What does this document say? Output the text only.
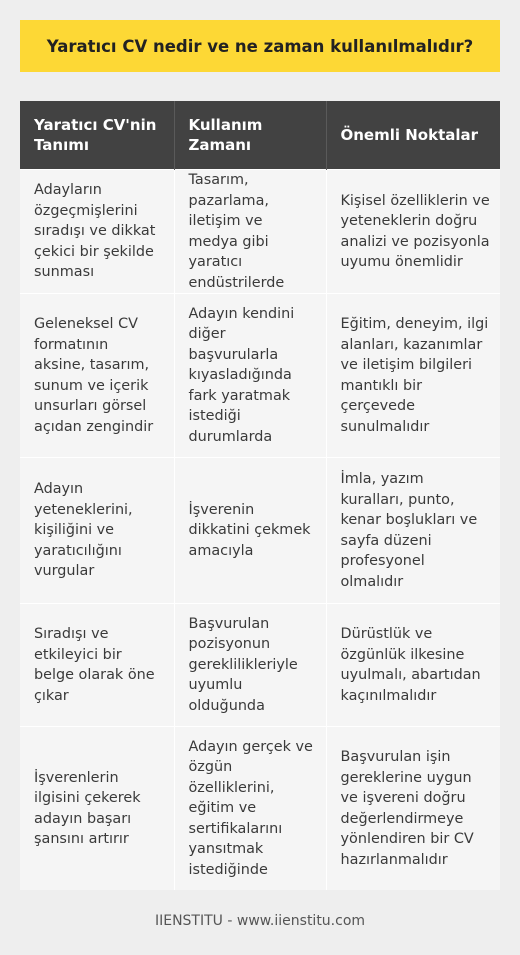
Yaratıcı CV nedir ve ne zaman kullanılmalıdır?
Yaratıcı CV'nin Tanımı	Kullanım Zamanı	Önemli Noktalar
Adayların özgeçmişlerini sıradışı ve dikkat çekici bir şekilde sunması	Tasarım, pazarlama, iletişim ve medya gibi yaratıcı endüstrilerde	Kişisel özelliklerin ve yeteneklerin doğru analizi ve pozisyonla uyumu önemlidir
Geleneksel CV formatının aksine, tasarım, sunum ve içerik unsurları görsel açıdan zengindir	Adayın kendini diğer başvurularla kıyasladığında fark yaratmak istediği durumlarda	Eğitim, deneyim, ilgi alanları, kazanımlar ve iletişim bilgileri mantıklı bir çerçevede sunulmalıdır
Adayın yeteneklerini, kişiliğini ve yaratıcılığını vurgular	İşverenin dikkatini çekmek amacıyla	İmla, yazım kuralları, punto, kenar boşlukları ve sayfa düzeni profesyonel olmalıdır
Sıradışı ve etkileyici bir belge olarak öne çıkar	Başvurulan pozisyonun gereklilikleriyle uyumlu olduğunda	Dürüstlük ve özgünlük ilkesine uyulmalı, abartıdan kaçınılmalıdır
İşverenlerin ilgisini çekerek adayın başarı şansını artırır	Adayın gerçek ve özgün özelliklerini, eğitim ve sertifikalarını yansıtmak istediğinde	Başvurulan işin gereklerine uygun ve işvereni doğru değerlendirmeye yönlendiren bir CV hazırlanmalıdır
IIENSTITU - www.iienstitu.com
